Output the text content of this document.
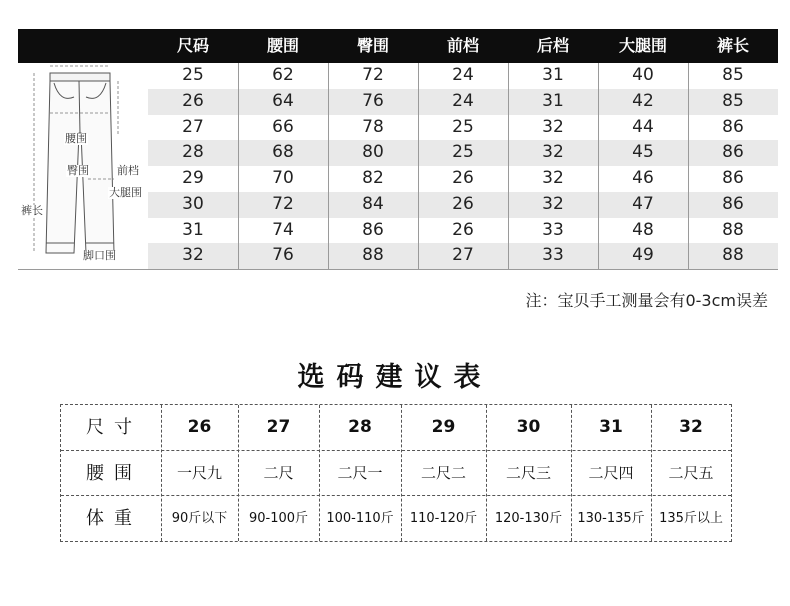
尺码	腰围	臀围	前档	后档	大腿围	裤长
腰围
臀围	前档
大腿围
裤长
脚口围
25	62	72	24	31	40	85
26	64	76	24	31	42	85
27	66	78	25	32	44	86
28	68	80	25	32	45	86
29	70	82	26	32	46	86
30	72	84	26	32	47	86
31	74	86	26	33	48	88
32	76	88	27	33	49	88
注：宝贝手工测量会有0-3cm误差
选码建议表
尺寸	26	27	28	29	30	31	32
腰围	一尺九	二尺	二尺一	二尺二	二尺三	二尺四	二尺五
体重	90斤以下	90-100斤	100-110斤	110-120斤	120-130斤	130-135斤	135斤以上
